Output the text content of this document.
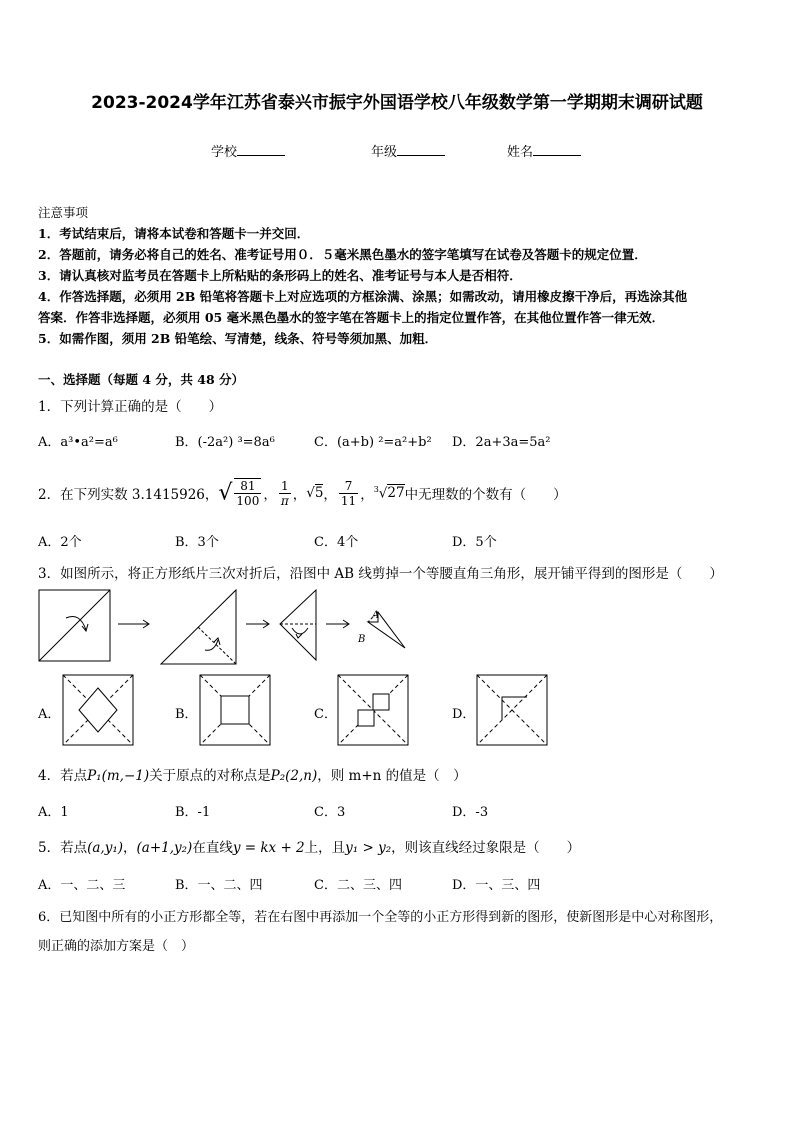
2023-2024学年江苏省泰兴市振宇外国语学校八年级数学第一学期期末调研试题
学校	年级	姓名
注意事项
1．考试结束后，请将本试卷和答题卡一并交回．
2．答题前，请务必将自己的姓名、准考证号用０．５毫米黑色墨水的签字笔填写在试卷及答题卡的规定位置．
3．请认真核对监考员在答题卡上所粘贴的条形码上的姓名、准考证号与本人是否相符．
4．作答选择题，必须用 2B 铅笔将答题卡上对应选项的方框涂满、涂黑；如需改动，请用橡皮擦干净后，再选涂其他
答案．作答非选择题，必须用 05 毫米黑色墨水的签字笔在答题卡上的指定位置作答，在其他位置作答一律无效．
5．如需作图，须用 2B 铅笔绘、写清楚，线条、符号等须加黑、加粗．
一、选择题（每题 4 分，共 48 分）
1．下列计算正确的是（　　）
A．a³•a²=a⁶	B．(-2a²) ³=8a⁶	C．(a+b) ²=a²+b² D．2a+3a=5a²
2．在下列实数 3.1415926， √ $\frac{81}{100}$ ， $\frac{1}{\pi}$ ， √5 ， $\frac{7}{11}$ ， $^3$√27 中无理数的个数有（　　）
A．2个	B．3个	C．4个	D．5个
3．如图所示，将正方形纸片三次对折后，沿图中 AB 线剪掉一个等腰直角三角形，展开铺平得到的图形是（　　）
A
B
A．	B．	C．	D．
4．若点P₁(m,−1)关于原点的对称点是P₂(2,n)，则 m+n 的值是（　）
A．1	B．-1	C．3	D．-3
5．若点(a,y₁)，(a+1,y₂)在直线y = kx + 2上，且y₁ > y₂，则该直线经过象限是（　　）
A．一、二、三	B．一、二、四	C．二、三、四	D．一、三、四
6．已知图中所有的小正方形都全等，若在右图中再添加一个全等的小正方形得到新的图形，使新图形是中心对称图形，
则正确的添加方案是（　）
